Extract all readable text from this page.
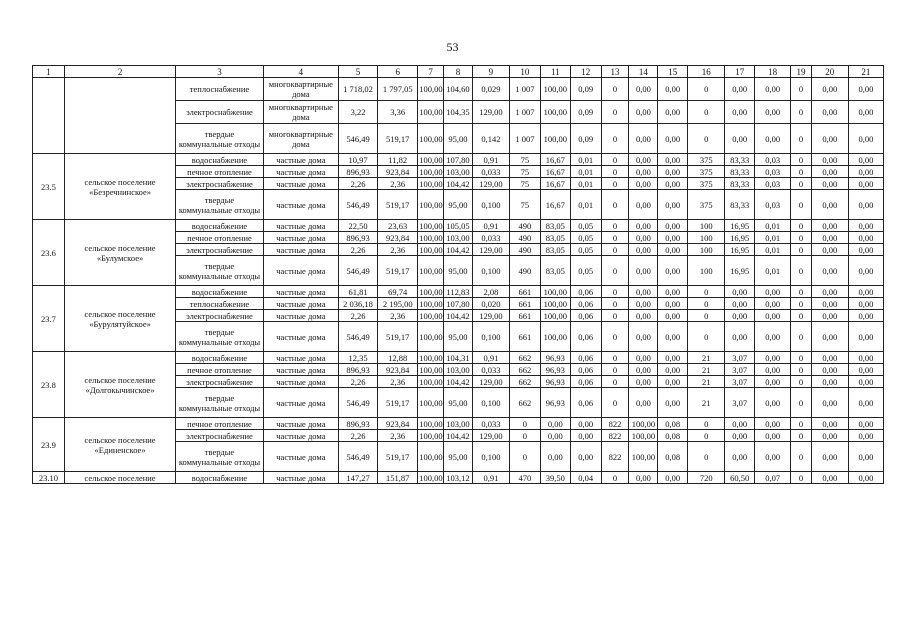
53
1	2	3	4	5	6	7	8	9	10	11	12	13	14	15	16	17	18	19	20	21
		теплоснабжение	многоквартирные дома	1 718,02	1 797,05	100,00	104,60	0,029	1 007	100,00	0,09	0	0,00	0,00	0	0,00	0,00	0	0,00	0,00
		электроснабжение	многоквартирные дома	3,22	3,36	100,00	104,35	129,00	1 007	100,00	0,09	0	0,00	0,00	0	0,00	0,00	0	0,00	0,00
		твердые коммунальные отходы	многоквартирные дома	546,49	519,17	100,00	95,00	0,142	1 007	100,00	0,09	0	0,00	0,00	0	0,00	0,00	0	0,00	0,00
23.5	сельское поселение «Безречнинское»	водоснабжение	частные дома	10,97	11,82	100,00	107,80	0,91	75	16,67	0,01	0	0,00	0,00	375	83,33	0,03	0	0,00	0,00
		печное отопление	частные дома	896,93	923,84	100,00	103,00	0,033	75	16,67	0,01	0	0,00	0,00	375	83,33	0,03	0	0,00	0,00
		электроснабжение	частные дома	2,26	2,36	100,00	104,42	129,00	75	16,67	0,01	0	0,00	0,00	375	83,33	0,03	0	0,00	0,00
		твердые коммунальные отходы	частные дома	546,49	519,17	100,00	95,00	0,100	75	16,67	0,01	0	0,00	0,00	375	83,33	0,03	0	0,00	0,00
23.6	сельское поселение «Булумское»	водоснабжение	частные дома	22,50	23,63	100,00	105,05	0,91	490	83,05	0,05	0	0,00	0,00	100	16,95	0,01	0	0,00	0,00
		печное отопление	частные дома	896,93	923,84	100,00	103,00	0,033	490	83,05	0,05	0	0,00	0,00	100	16,95	0,01	0	0,00	0,00
		электроснабжение	частные дома	2,26	2,36	100,00	104,42	129,00	490	83,05	0,05	0	0,00	0,00	100	16,95	0,01	0	0,00	0,00
		твердые коммунальные отходы	частные дома	546,49	519,17	100,00	95,00	0,100	490	83,05	0,05	0	0,00	0,00	100	16,95	0,01	0	0,00	0,00
23.7	сельское поселение «Бурулятуйское»	водоснабжение	частные дома	61,81	69,74	100,00	112,83	2,08	661	100,00	0,06	0	0,00	0,00	0	0,00	0,00	0	0,00	0,00
		теплоснабжение	частные дома	2 036,18	2 195,00	100,00	107,80	0,020	661	100,00	0,06	0	0,00	0,00	0	0,00	0,00	0	0,00	0,00
		электроснабжение	частные дома	2,26	2,36	100,00	104,42	129,00	661	100,00	0,06	0	0,00	0,00	0	0,00	0,00	0	0,00	0,00
		твердые коммунальные отходы	частные дома	546,49	519,17	100,00	95,00	0,100	661	100,00	0,06	0	0,00	0,00	0	0,00	0,00	0	0,00	0,00
23.8	сельское поселение «Долгокычинское»	водоснабжение	частные дома	12,35	12,88	100,00	104,31	0,91	662	96,93	0,06	0	0,00	0,00	21	3,07	0,00	0	0,00	0,00
		печное отопление	частные дома	896,93	923,84	100,00	103,00	0,033	662	96,93	0,06	0	0,00	0,00	21	3,07	0,00	0	0,00	0,00
		электроснабжение	частные дома	2,26	2,36	100,00	104,42	129,00	662	96,93	0,06	0	0,00	0,00	21	3,07	0,00	0	0,00	0,00
		твердые коммунальные отходы	частные дома	546,49	519,17	100,00	95,00	0,100	662	96,93	0,06	0	0,00	0,00	21	3,07	0,00	0	0,00	0,00
23.9	сельское поселение «Единенское»	печное отопление	частные дома	896,93	923,84	100,00	103,00	0,033	0	0,00	0,00	822	100,00	0,08	0	0,00	0,00	0	0,00	0,00
		электроснабжение	частные дома	2,26	2,36	100,00	104,42	129,00	0	0,00	0,00	822	100,00	0,08	0	0,00	0,00	0	0,00	0,00
		твердые коммунальные отходы	частные дома	546,49	519,17	100,00	95,00	0,100	0	0,00	0,00	822	100,00	0,08	0	0,00	0,00	0	0,00	0,00
23.10	сельское поселение	водоснабжение	частные дома	147,27	151,87	100,00	103,12	0,91	470	39,50	0,04	0	0,00	0,00	720	60,50	0,07	0	0,00	0,00
